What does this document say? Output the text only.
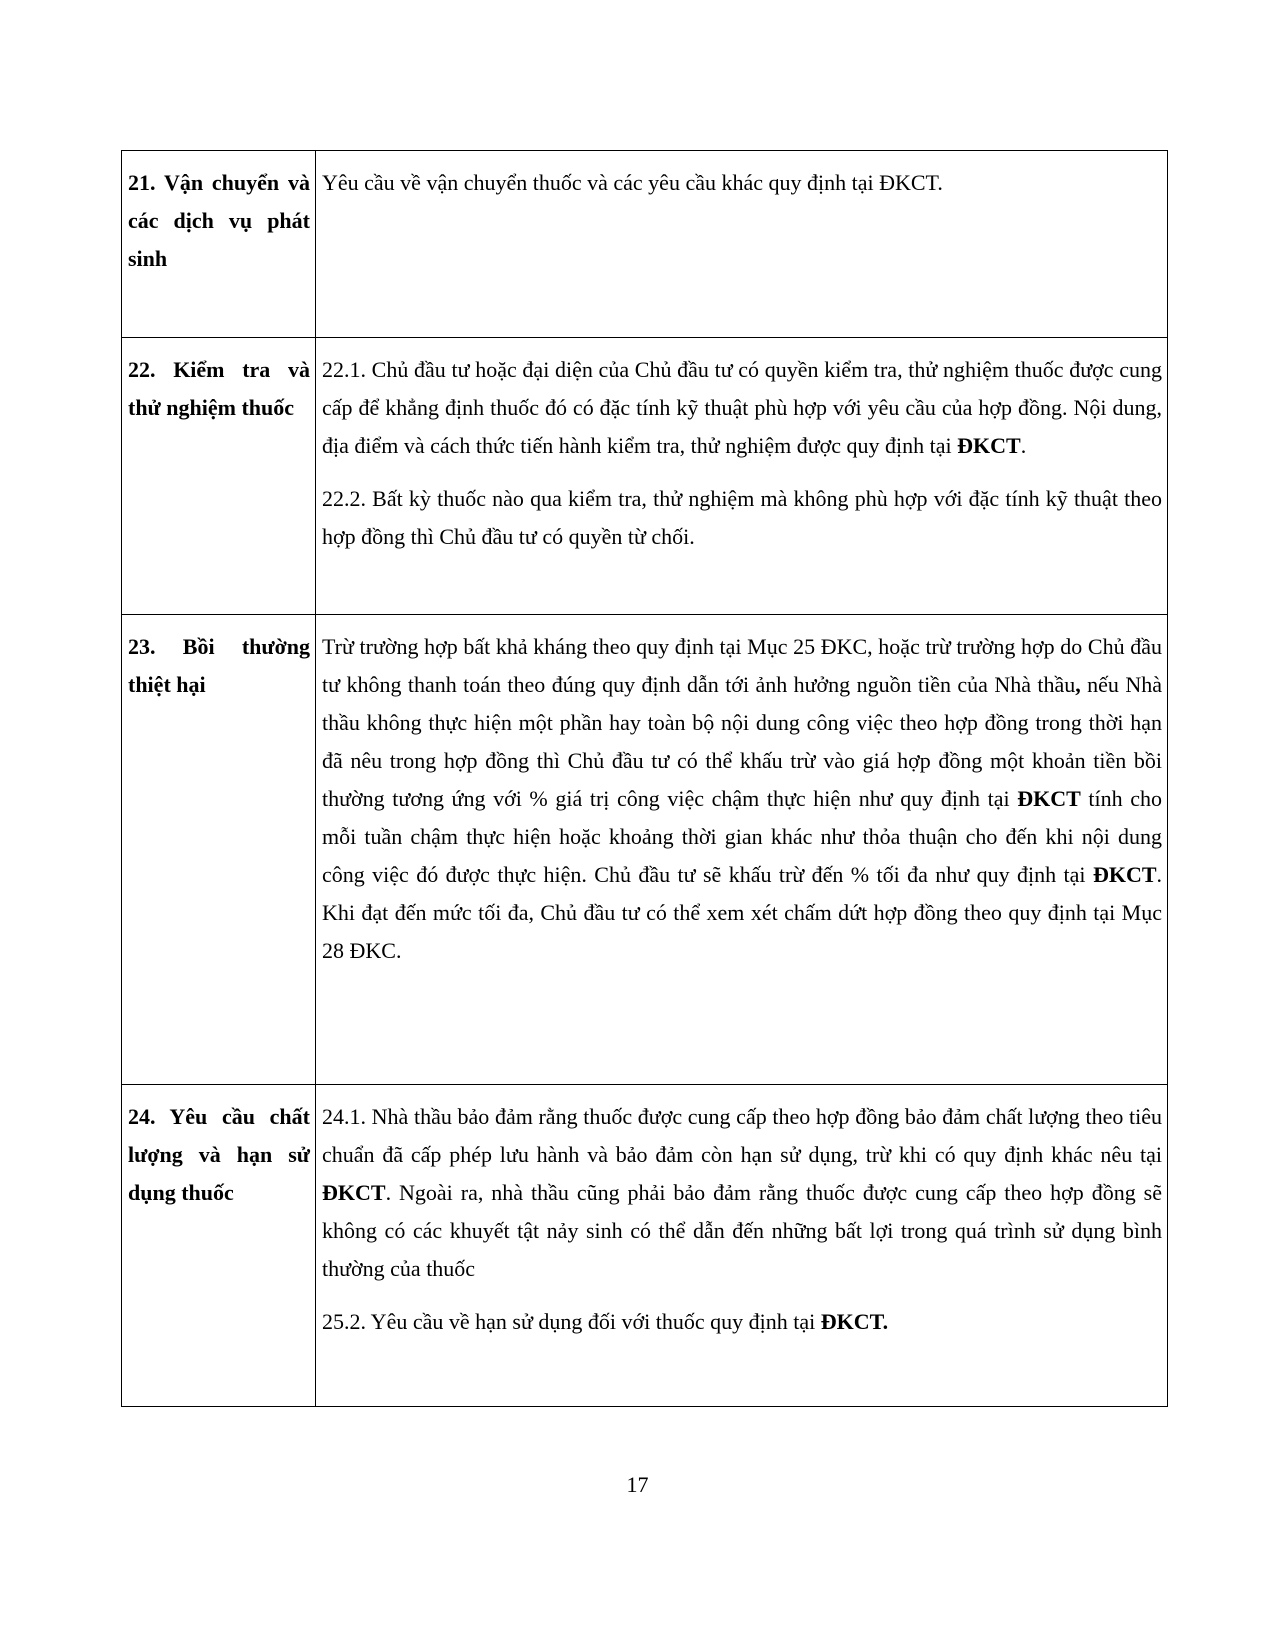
21. Vận chuyển và các dịch vụ phát sinh	Yêu cầu về vận chuyển thuốc và các yêu cầu khác quy định tại ĐKCT.

22. Kiểm tra và thử nghiệm thuốc	22.1. Chủ đầu tư hoặc đại diện của Chủ đầu tư có quyền kiểm tra, thử nghiệm thuốc được cung cấp để khẳng định thuốc đó có đặc tính kỹ thuật phù hợp với yêu cầu của hợp đồng. Nội dung, địa điểm và cách thức tiến hành kiểm tra, thử nghiệm được quy định tại ĐKCT.

22.2. Bất kỳ thuốc nào qua kiểm tra, thử nghiệm mà không phù hợp với đặc tính kỹ thuật theo hợp đồng thì Chủ đầu tư có quyền từ chối.

23. Bồi thường thiệt hại	Trừ trường hợp bất khả kháng theo quy định tại Mục 25 ĐKC, hoặc trừ trường hợp do Chủ đầu tư không thanh toán theo đúng quy định dẫn tới ảnh hưởng nguồn tiền của Nhà thầu, nếu Nhà thầu không thực hiện một phần hay toàn bộ nội dung công việc theo hợp đồng trong thời hạn đã nêu trong hợp đồng thì Chủ đầu tư có thể khấu trừ vào giá hợp đồng một khoản tiền bồi thường tương ứng với % giá trị công việc chậm thực hiện như quy định tại ĐKCT tính cho mỗi tuần chậm thực hiện hoặc khoảng thời gian khác như thỏa thuận cho đến khi nội dung công việc đó được thực hiện. Chủ đầu tư sẽ khấu trừ đến % tối đa như quy định tại ĐKCT. Khi đạt đến mức tối đa, Chủ đầu tư có thể xem xét chấm dứt hợp đồng theo quy định tại Mục 28 ĐKC.

24. Yêu cầu chất lượng và hạn sử dụng thuốc	24.1. Nhà thầu bảo đảm rằng thuốc được cung cấp theo hợp đồng bảo đảm chất lượng theo tiêu chuẩn đã cấp phép lưu hành và bảo đảm còn hạn sử dụng, trừ khi có quy định khác nêu tại ĐKCT. Ngoài ra, nhà thầu cũng phải bảo đảm rằng thuốc được cung cấp theo hợp đồng sẽ không có các khuyết tật nảy sinh có thể dẫn đến những bất lợi trong quá trình sử dụng bình thường của thuốc

25.2. Yêu cầu về hạn sử dụng đối với thuốc quy định tại ĐKCT.

17
